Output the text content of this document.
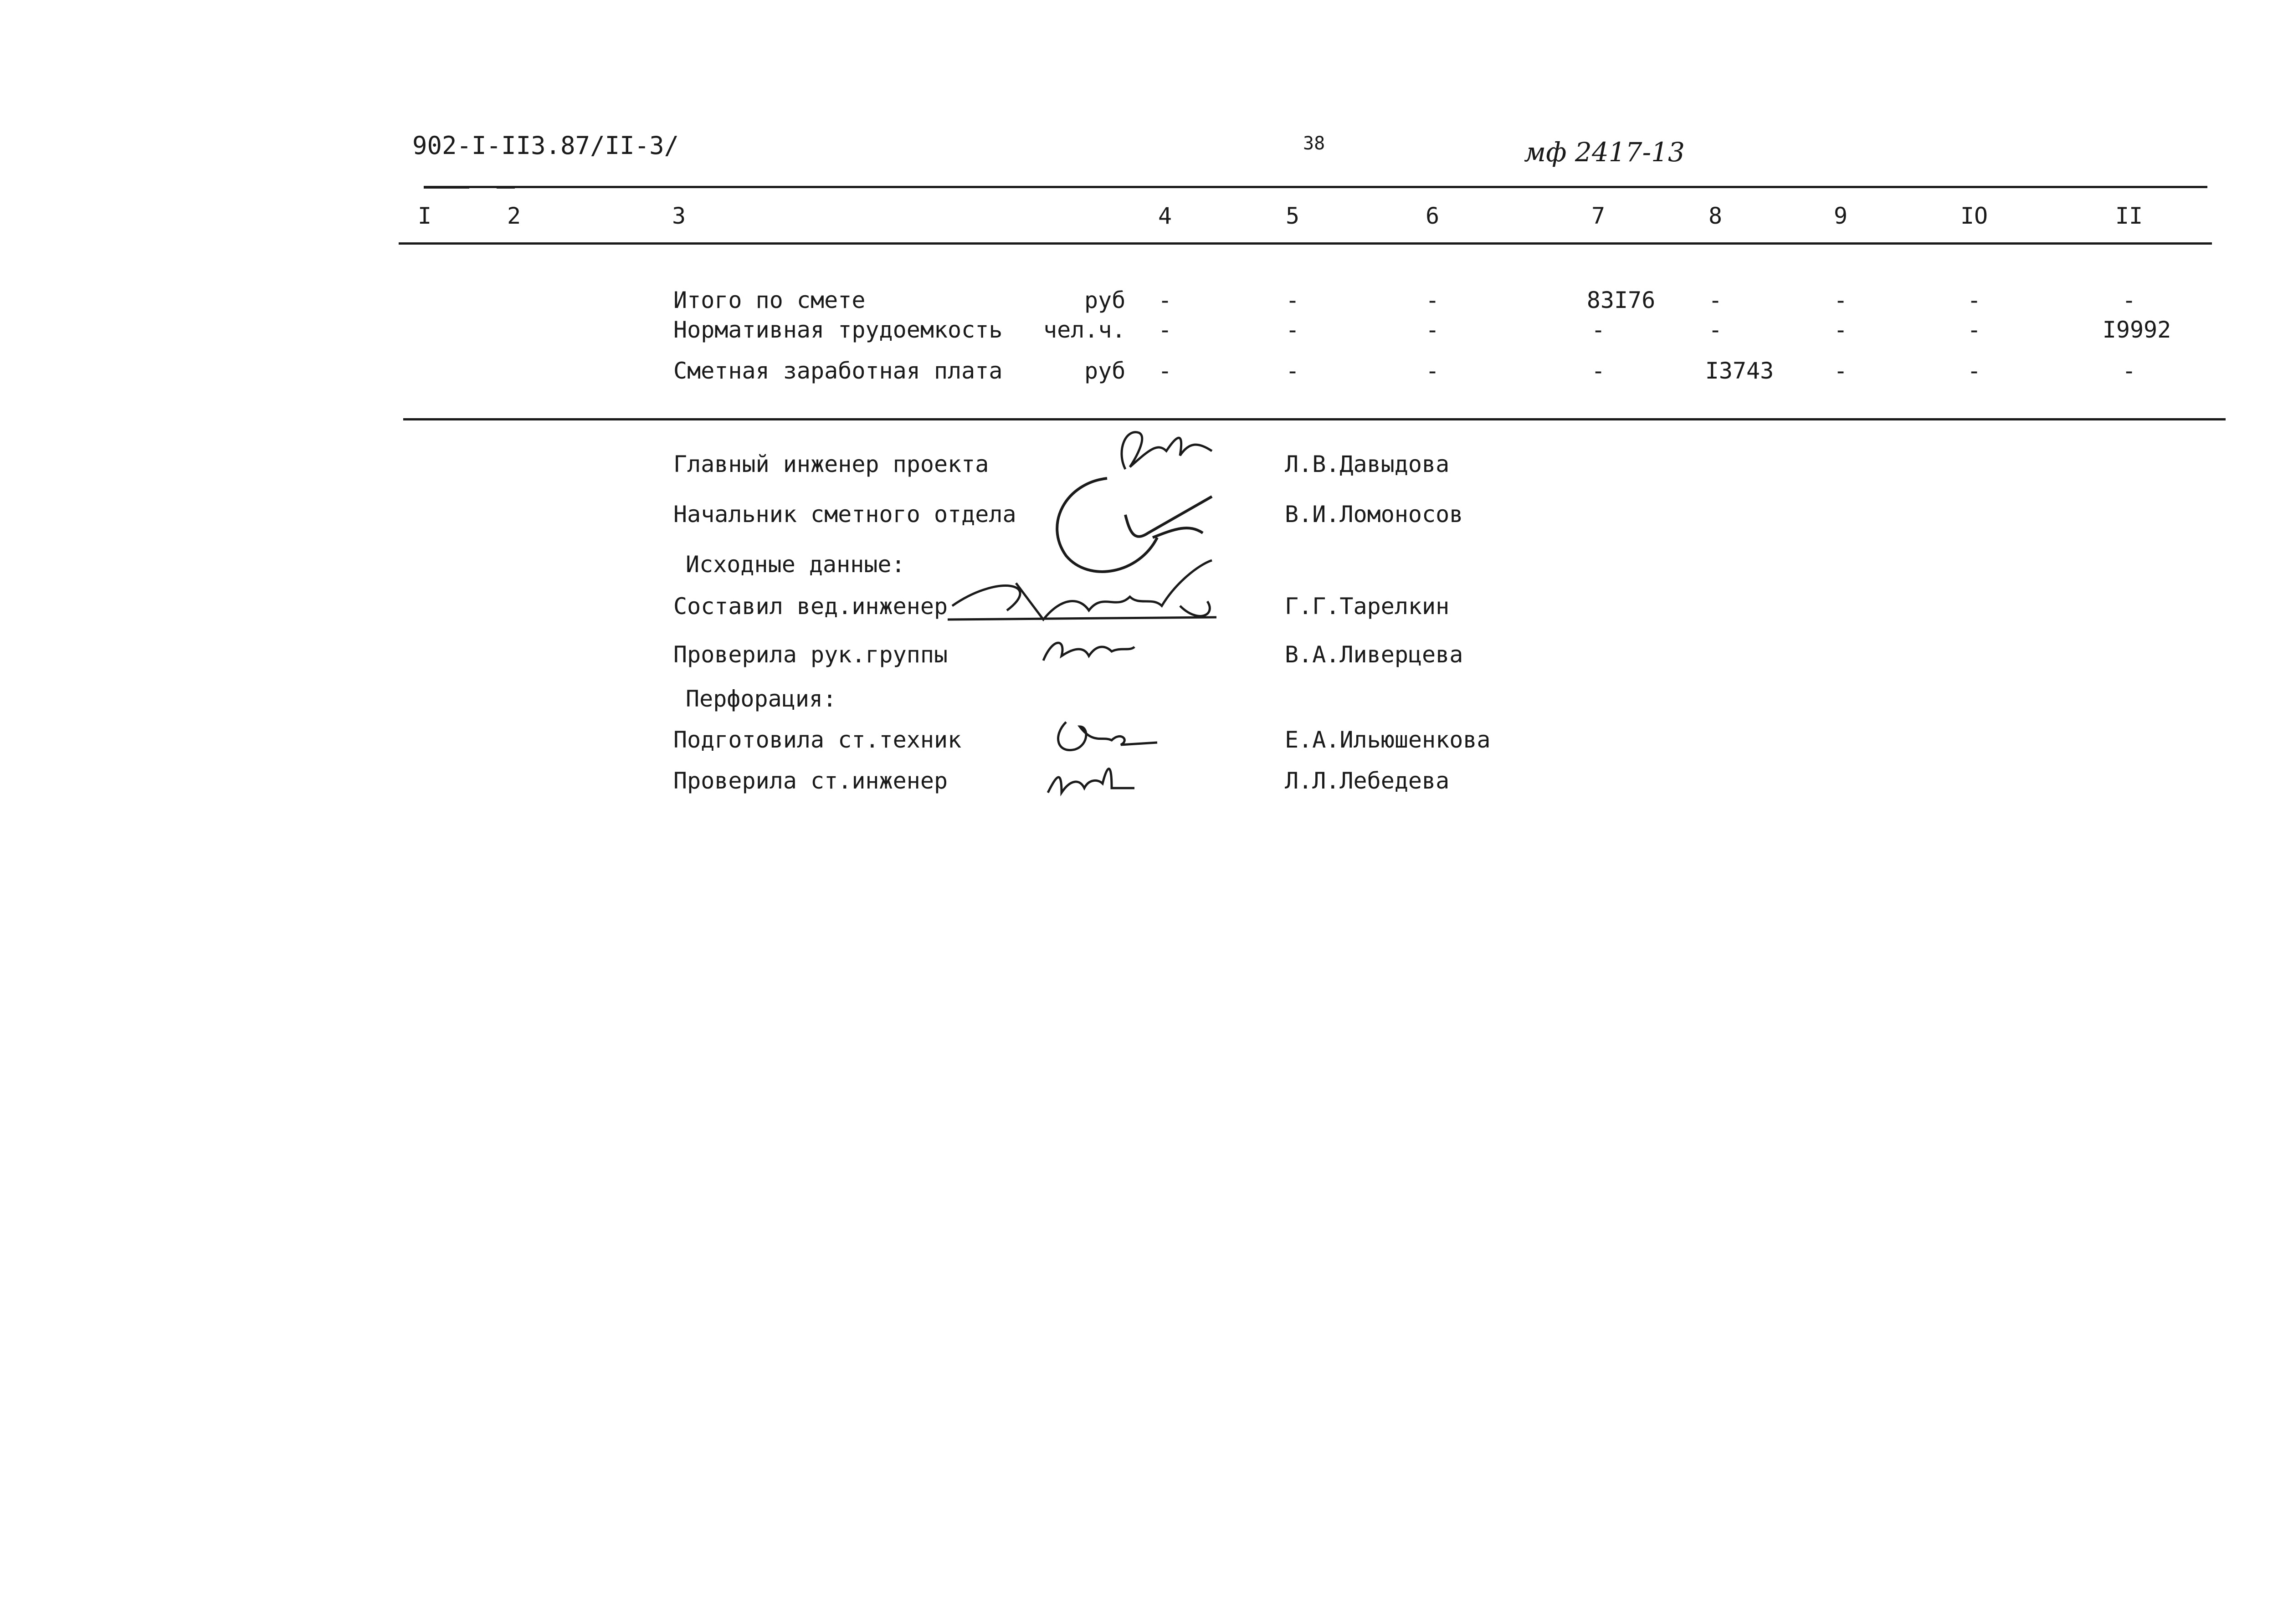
902-I-II3.87/II-3/	38	мф 2417-13
I	2	3	4	5	6	7	8	9	IO	II
Итого по смете	руб	-	-	-	83I76	-	-	-	-
Нормативная трудоемкость чел.ч.	-	-	-	-	-	-	-	I9992
Сметная заработная плата	руб	-	-	-	-	I3743	-	-	-
Главный инженер проекта	Л.В.Давыдова
Начальник сметного отдела	В.И.Ломоносов
Исходные данные:
Составил вед.инженер	Г.Г.Тарелкин
Проверила рук.группы	В.А.Ливерцева
Перфорация:
Подготовила ст.техник	Е.А.Ильюшенкова
Проверила ст.инженер	Л.Л.Лебедева
